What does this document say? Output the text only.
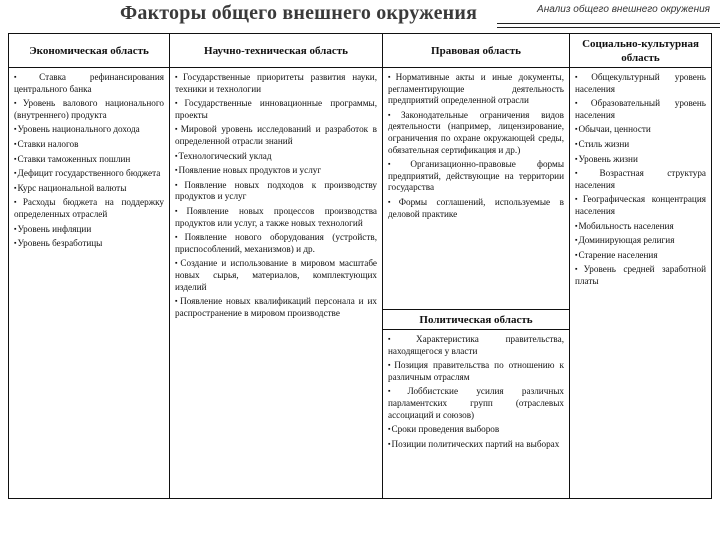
Факторы общего внешнего окружения	Анализ общего внешнего окружения
Экономическая область
▪Ставка рефинансирования центрального банка
▪Уровень валового национального (внутреннего) продукта
▪Уровень национального дохода
▪Ставки налогов
▪Ставки таможенных пошлин
▪Дефицит государственного бюджета
▪Курс национальной валюты
▪Расходы бюджета на поддержку определенных отраслей
▪Уровень инфляции
▪Уровень безработицы
Научно-техническая область
▪Государственные приоритеты развития науки, техники и технологии
▪Государственные инновационные программы, проекты
▪Мировой уровень исследований и разработок в определенной отрасли знаний
▪Технологический уклад
▪Появление новых продуктов и услуг
▪Появление новых подходов к производству продуктов и услуг
▪Появление новых процессов производства продуктов или услуг, а также новых технологий
▪Появление нового оборудования (устройств, приспособлений, механизмов) и др.
▪Создание и использование в мировом масштабе новых сырья, материалов, комплектующих изделий
▪Появление новых квалификаций персонала и их распространение в мировом производстве
Правовая область
▪Нормативные акты и иные документы, регламентирующие деятельность предприятий определенной отрасли
▪Законодательные ограничения видов деятельности (например, лицензирование, ограничения по охране окружающей среды, обязательная сертификация и др.)
▪Организационно-правовые формы предприятий, действующие на территории государства
▪Формы соглашений, используемые в деловой практике
Политическая область
▪Характеристика правительства, находящегося у власти
▪Позиция правительства по отношению к различным отраслям
▪Лоббистские усилия различных парламентских групп (отраслевых ассоциаций и союзов)
▪Сроки проведения выборов
▪Позиции политических партий на выборах
Социально-культурная область
▪Общекультурный уровень населения
▪Образовательный уровень населения
▪Обычаи, ценности
▪Стиль жизни
▪Уровень жизни
▪Возрастная структура населения
▪Географическая концентрация населения
▪Мобильность населения
▪Доминирующая религия
▪Старение населения
▪Уровень средней заработной платы
